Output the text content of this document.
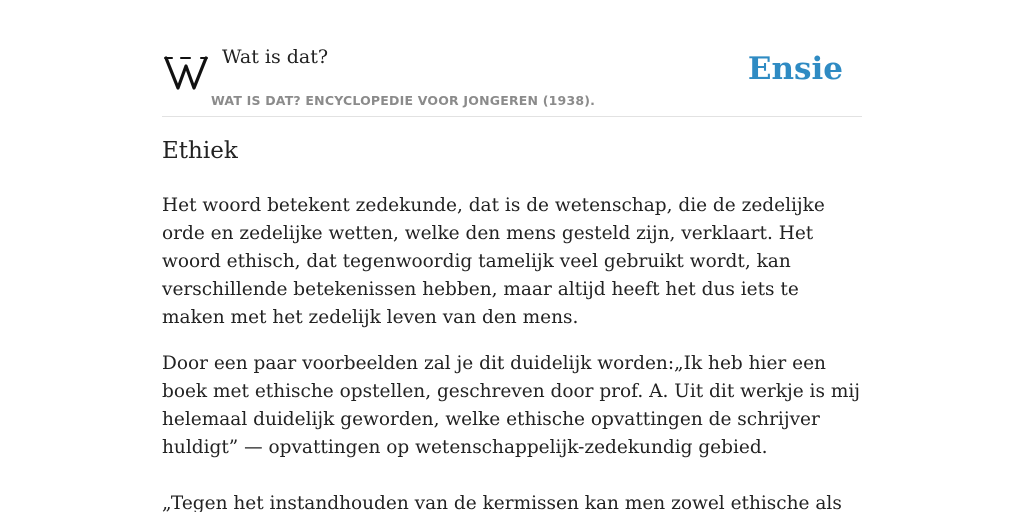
Wat is dat?
WAT IS DAT? ENCYCLOPEDIE VOOR JONGEREN (1938).
Ensie
Ethiek

Het woord betekent zedekunde, dat is de wetenschap, die de zedelijke orde en zedelijke wetten, welke den mens gesteld zijn, verklaart. Het woord ethisch, dat tegenwoordig tamelijk veel gebruikt wordt, kan verschillende betekenissen hebben, maar altijd heeft het dus iets te maken met het zedelijk leven van den mens.

Door een paar voorbeelden zal je dit duidelijk worden:„Ik heb hier een boek met ethische opstellen, geschreven door prof. A. Uit dit werkje is mij helemaal duidelijk geworden, welke ethische opvattingen de schrijver huldigt” — opvattingen op wetenschappelijk-zedekundig gebied.

„Tegen het instandhouden van de kermissen kan men zowel ethische als
